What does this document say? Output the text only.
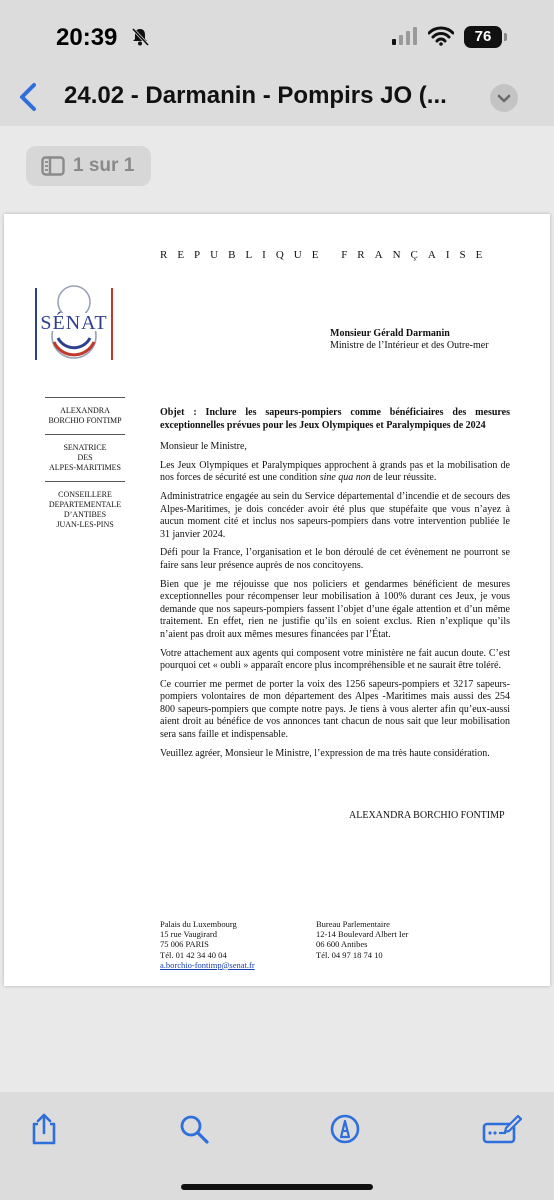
20:39	76
24.02 - Darmanin - Pompirs JO (...
1 sur 1
REPUBLIQUE FRANÇAISE
SÉNAT	Monsieur Gérald Darmanin
Ministre de l’Intérieur et des Outre-mer
ALEXANDRA
BORCHIO FONTIMP
SENATRICE
DES
ALPES-MARITIMES
CONSEILLERE
DEPARTEMENTALE
D’ANTIBES
JUAN-LES-PINS

Objet : Inclure les sapeurs-pompiers comme bénéficiaires des mesures exceptionnelles prévues pour les Jeux Olympiques et Paralympiques de 2024

Monsieur le Ministre,

Les Jeux Olympiques et Paralympiques approchent à grands pas et la mobilisation de nos forces de sécurité est une condition sine qua non de leur réussite.

Administratrice engagée au sein du Service départemental d’incendie et de secours des Alpes-Maritimes, je dois concéder avoir été plus que stupéfaite que vous n’ayez à aucun moment cité et inclus nos sapeurs-pompiers dans votre intervention publiée le 31 janvier 2024.

Défi pour la France, l’organisation et le bon déroulé de cet évènement ne pourront se faire sans leur présence auprès de nos concitoyens.

Bien que je me réjouisse que nos policiers et gendarmes bénéficient de mesures exceptionnelles pour récompenser leur mobilisation à 100% durant ces Jeux, je vous demande que nos sapeurs-pompiers fassent l’objet d’une égale attention et d’un même traitement. En effet, rien ne justifie qu’ils en soient exclus. Rien n’explique qu’ils n’aient pas droit aux mêmes mesures financées par l’État.

Votre attachement aux agents qui composent votre ministère ne fait aucun doute. C’est pourquoi cet « oubli » apparaît encore plus incompréhensible et ne saurait être toléré.

Ce courrier me permet de porter la voix des 1256 sapeurs-pompiers et 3217 sapeurs-pompiers volontaires de mon département des Alpes -Maritimes mais aussi des 254 800 sapeurs-pompiers que compte notre pays. Je tiens à vous alerter afin qu’eux-aussi aient droit au bénéfice de vos annonces tant chacun de nous sait que leur mobilisation sera sans faille et indispensable.

Veuillez agréer, Monsieur le Ministre, l’expression de ma très haute considération.

ALEXANDRA BORCHIO FONTIMP
Palais du Luxembourg
15 rue Vaugirard
75 006 PARIS
Tél. 01 42 34 40 04
a.borchio-fontimp@senat.fr
Bureau Parlementaire
12-14 Boulevard Albert Ier
06 600 Antibes
Tél. 04 97 18 74 10
